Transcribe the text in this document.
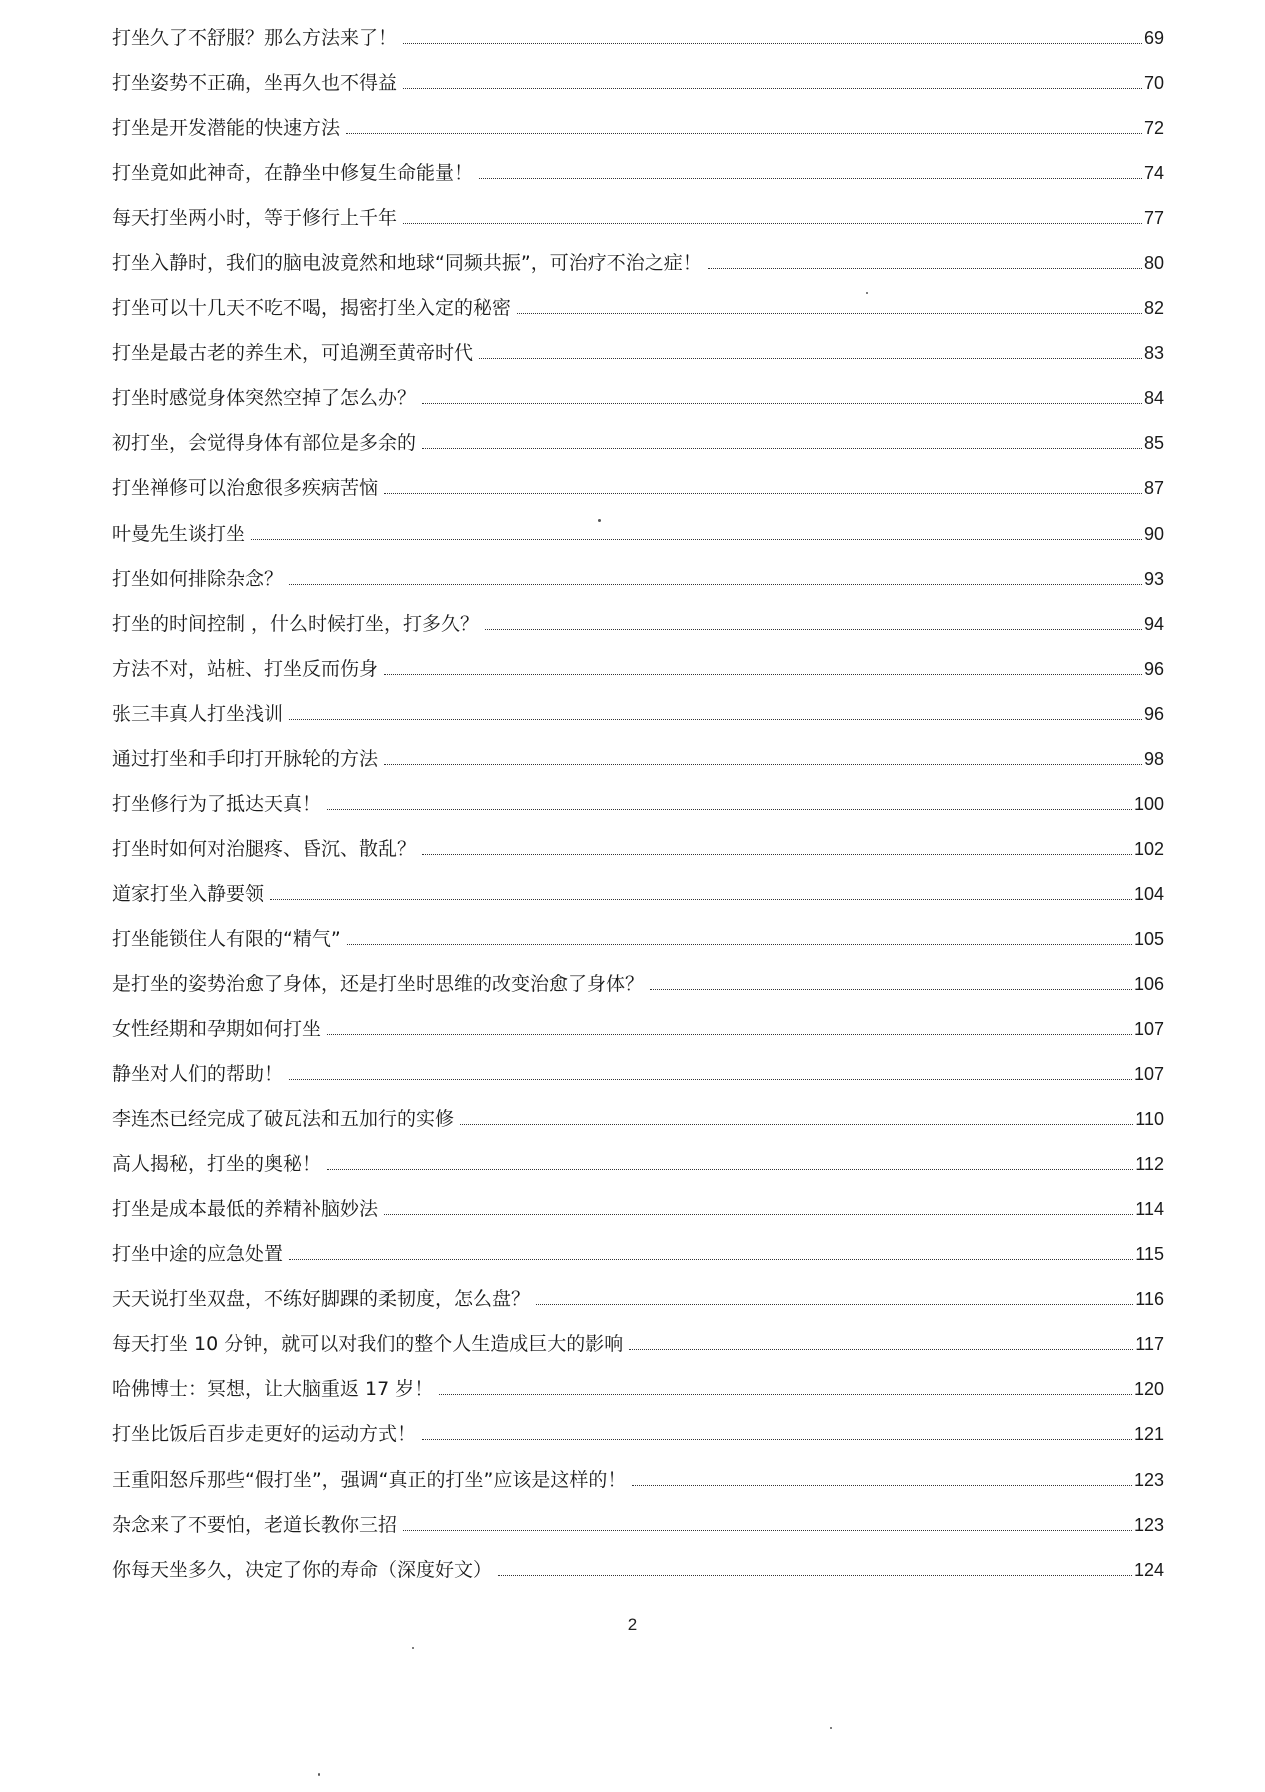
打坐久了不舒服？那么方法来了！	69
打坐姿势不正确，坐再久也不得益	70
打坐是开发潜能的快速方法	72
打坐竟如此神奇，在静坐中修复生命能量！	74
每天打坐两小时，等于修行上千年	77
打坐入静时，我们的脑电波竟然和地球“同频共振”，可治疗不治之症！	80
打坐可以十几天不吃不喝，揭密打坐入定的秘密	82
打坐是最古老的养生术，可追溯至黄帝时代	83
打坐时感觉身体突然空掉了怎么办？	84
初打坐，会觉得身体有部位是多余的	85
打坐禅修可以治愈很多疾病苦恼	87
叶曼先生谈打坐	90
打坐如何排除杂念？	93
打坐的时间控制 ，什么时候打坐，打多久？	94
方法不对，站桩、打坐反而伤身	96
张三丰真人打坐浅训	96
通过打坐和手印打开脉轮的方法	98
打坐修行为了抵达天真！	100
打坐时如何对治腿疼、昏沉、散乱？	102
道家打坐入静要领	104
打坐能锁住人有限的“精气”	105
是打坐的姿势治愈了身体，还是打坐时思维的改变治愈了身体？	106
女性经期和孕期如何打坐	107
静坐对人们的帮助！	107
李连杰已经完成了破瓦法和五加行的实修	110
高人揭秘，打坐的奥秘！	112
打坐是成本最低的养精补脑妙法	114
打坐中途的应急处置	115
天天说打坐双盘，不练好脚踝的柔韧度，怎么盘？	116
每天打坐 10 分钟，就可以对我们的整个人生造成巨大的影响	117
哈佛博士：冥想，让大脑重返 17 岁！	120
打坐比饭后百步走更好的运动方式！	121
王重阳怒斥那些“假打坐”，强调“真正的打坐”应该是这样的！	123
杂念来了不要怕，老道长教你三招	123
你每天坐多久，决定了你的寿命（深度好文）	124
2
